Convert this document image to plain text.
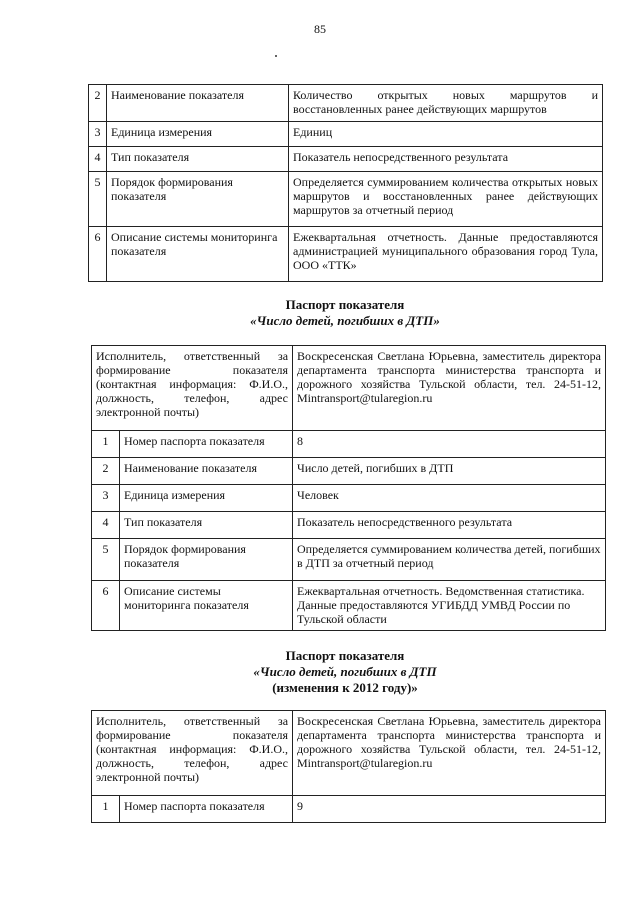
85
2	Наименование показателя	Количество открытых новых маршрутов и восстановленных ранее действующих маршрутов
3	Единица измерения	Единиц
4	Тип показателя	Показатель непосредственного результата
5	Порядок формирования показателя	Определяется суммированием количества открытых новых маршрутов и восстановленных ранее действующих маршрутов за отчетный период
6	Описание системы мониторинга показателя	Ежеквартальная отчетность. Данные предоставляются администрацией муниципального образования город Тула, ООО «ТТК»
Паспорт показателя
«Число детей, погибших в ДТП»
Исполнитель, ответственный за формирование показателя (контактная информация: Ф.И.О., должность, телефон, адрес электронной почты)		Воскресенская Светлана Юрьевна, заместитель директора департамента транспорта министерства транспорта и дорожного хозяйства Тульской области, тел. 24-51-12, Mintransport@tularegion.ru
1	Номер паспорта показателя	8
2	Наименование показателя	Число детей, погибших в ДТП
3	Единица измерения	Человек
4	Тип показателя	Показатель непосредственного результата
5	Порядок формирования показателя	Определяется суммированием количества детей, погибших в ДТП за отчетный период
6	Описание системы мониторинга показателя	Ежеквартальная отчетность. Ведомственная статистика. Данные предоставляются УГИБДД УМВД России по Тульской области
Паспорт показателя
«Число детей, погибших в ДТП
(изменения к 2012 году)»
Исполнитель, ответственный за формирование показателя (контактная информация: Ф.И.О., должность, телефон, адрес электронной почты)		Воскресенская Светлана Юрьевна, заместитель директора департамента транспорта министерства транспорта и дорожного хозяйства Тульской области, тел. 24-51-12, Mintransport@tularegion.ru
1	Номер паспорта показателя	9
